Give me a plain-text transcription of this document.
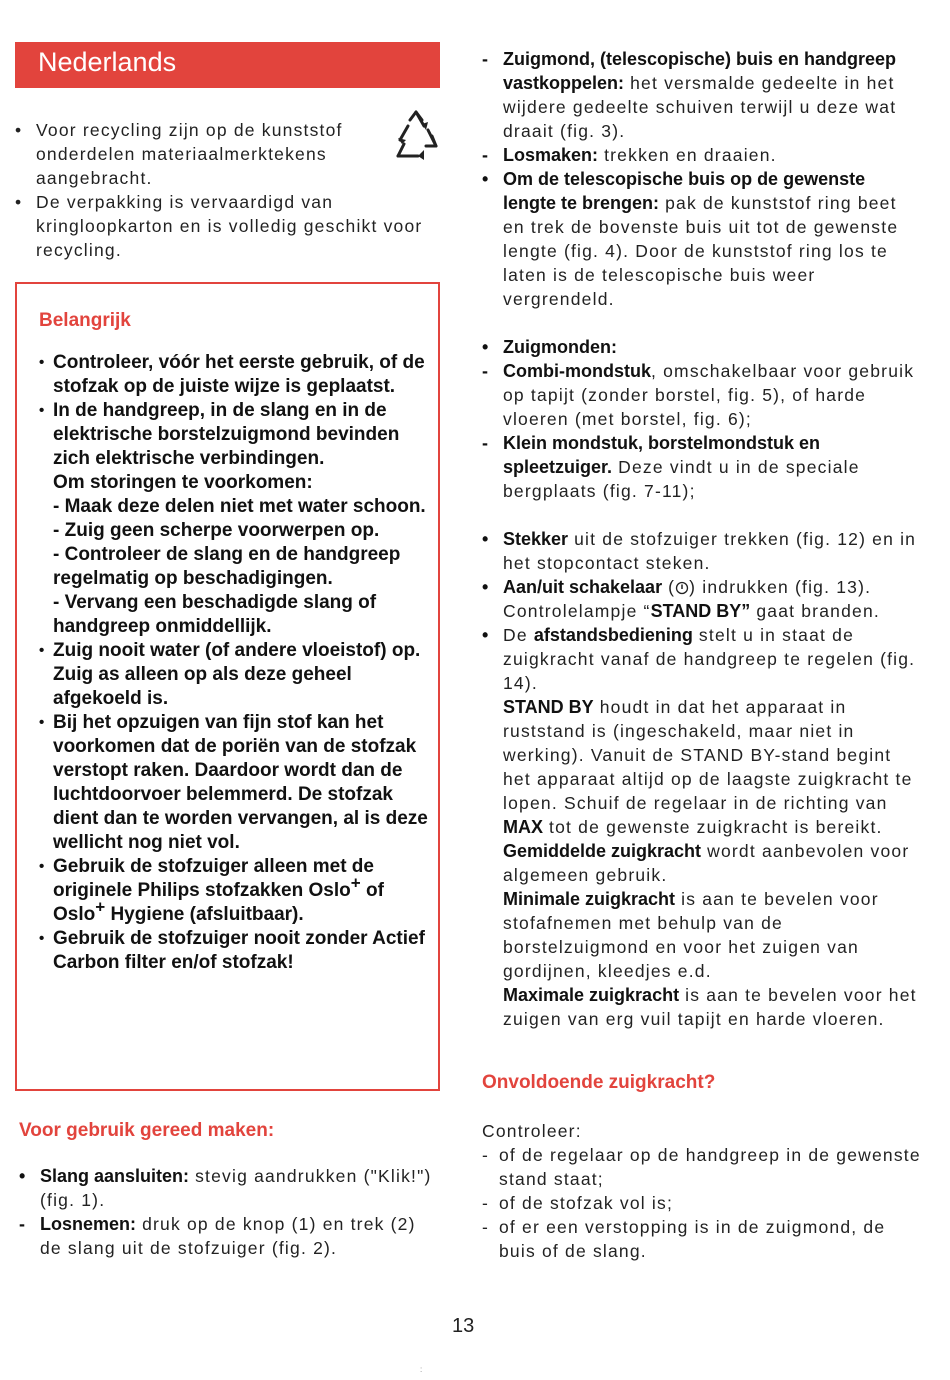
Nederlands
• Voor recycling zijn op de kunststof onderdelen materiaalmerktekens aangebracht.
• De verpakking is vervaardigd van kringloopkarton en is volledig geschikt voor recycling.
Belangrijk
• Controleer, vóór het eerste gebruik, of de stofzak op de juiste wijze is geplaatst.
• In de handgreep, in de slang en in de elektrische borstelzuigmond bevinden zich elektrische verbindingen.
Om storingen te voorkomen:
- Maak deze delen niet met water schoon.
- Zuig geen scherpe voorwerpen op.
- Controleer de slang en de handgreep regelmatig op beschadigingen.
- Vervang een beschadigde slang of handgreep onmiddellijk.
• Zuig nooit water (of andere vloeistof) op. Zuig as alleen op als deze geheel afgekoeld is.
• Bij het opzuigen van fijn stof kan het voorkomen dat de poriën van de stofzak verstopt raken. Daardoor wordt dan de luchtdoorvoer belemmerd. De stofzak dient dan te worden vervangen, al is deze wellicht nog niet vol.
• Gebruik de stofzuiger alleen met de originele Philips stofzakken Oslo+ of Oslo+ Hygiene (afsluitbaar).
• Gebruik de stofzuiger nooit zonder Actief Carbon filter en/of stofzak!
Voor gebruik gereed maken:
• Slang aansluiten: stevig aandrukken ("Klik!") (fig. 1).
- Losnemen: druk op de knop (1) en trek (2) de slang uit de stofzuiger (fig. 2).
- Zuigmond, (telescopische) buis en handgreep vastkoppelen: het versmalde gedeelte in het wijdere gedeelte schuiven terwijl u deze wat draait (fig. 3).
- Losmaken: trekken en draaien.
• Om de telescopische buis op de gewenste lengte te brengen: pak de kunststof ring beet en trek de bovenste buis uit tot de gewenste lengte (fig. 4). Door de kunststof ring los te laten is de telescopische buis weer vergrendeld.
• Zuigmonden:
- Combi-mondstuk, omschakelbaar voor gebruik op tapijt (zonder borstel, fig. 5), of harde vloeren (met borstel, fig. 6);
- Klein mondstuk, borstelmondstuk en spleetzuiger. Deze vindt u in de speciale bergplaats (fig. 7-11);
• Stekker uit de stofzuiger trekken (fig. 12) en in het stopcontact steken.
• Aan/uit schakelaar ( ) indrukken (fig. 13). Controlelampje “STAND BY” gaat branden.
• De afstandsbediening stelt u in staat de zuigkracht vanaf de handgreep te regelen (fig. 14).
STAND BY houdt in dat het apparaat in ruststand is (ingeschakeld, maar niet in werking). Vanuit de STAND BY-stand begint het apparaat altijd op de laagste zuigkracht te lopen. Schuif de regelaar in de richting van MAX tot de gewenste zuigkracht is bereikt.
Gemiddelde zuigkracht wordt aanbevolen voor algemeen gebruik.
Minimale zuigkracht is aan te bevelen voor stofafnemen met behulp van de borstelzuigmond en voor het zuigen van gordijnen, kleedjes e.d.
Maximale zuigkracht is aan te bevelen voor het zuigen van erg vuil tapijt en harde vloeren.
Onvoldoende zuigkracht?
Controleer:
- of de regelaar op de handgreep in de gewenste stand staat;
- of de stofzak vol is;
- of er een verstopping is in de zuigmond, de buis of de slang.
13
:
